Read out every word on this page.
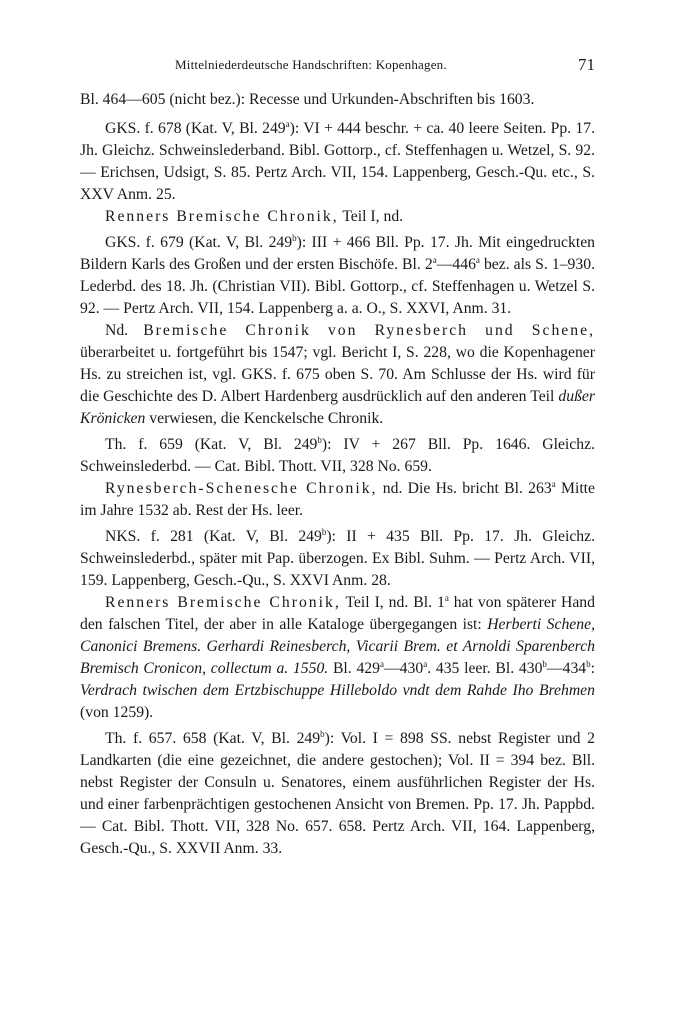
Mittelniederdeutsche Handschriften: Kopenhagen.	71

Bl. 464—605 (nicht bez.): Recesse und Urkunden-Abschriften bis 1603.

GKS. f. 678 (Kat. V, Bl. 249$^a$): VI + 444 beschr. + ca. 40 leere Seiten. Pp. 17. Jh. Gleichz. Schweinslederband. Bibl. Gottorp., cf. Steffenhagen u. Wetzel, S. 92. — Erichsen, Udsigt, S. 85. Pertz Arch. VII, 154. Lappenberg, Gesch.-Qu. etc., S. XXV Anm. 25.

Renners Bremische Chronik, Teil I, nd.

GKS. f. 679 (Kat. V, Bl. 249$^b$): III + 466 Bll. Pp. 17. Jh. Mit eingedruckten Bildern Karls des Großen und der ersten Bischöfe. Bl. 2$^a$—446$^a$ bez. als S. 1–930. Lederbd. des 18. Jh. (Christian VII). Bibl. Gottorp., cf. Steffenhagen u. Wetzel S. 92. — Pertz Arch. VII, 154. Lappenberg a. a. O., S. XXVI, Anm. 31.

Nd. Bremische Chronik von Rynesberch und Schene, überarbeitet u. fortgeführt bis 1547; vgl. Bericht I, S. 228, wo die Kopenhagener Hs. zu streichen ist, vgl. GKS. f. 675 oben S. 70. Am Schlusse der Hs. wird für die Geschichte des D. Albert Hardenberg ausdrücklich auf den anderen Teil dußer Krönicken verwiesen, die Kenckelsche Chronik.

Th. f. 659 (Kat. V, Bl. 249$^b$): IV + 267 Bll. Pp. 1646. Gleichz. Schweinslederbd. — Cat. Bibl. Thott. VII, 328 No. 659.

Rynesberch-Schenesche Chronik, nd. Die Hs. bricht Bl. 263$^a$ Mitte im Jahre 1532 ab. Rest der Hs. leer.

NKS. f. 281 (Kat. V, Bl. 249$^b$): II + 435 Bll. Pp. 17. Jh. Gleichz. Schweinslederbd., später mit Pap. überzogen. Ex Bibl. Suhm. — Pertz Arch. VII, 159. Lappenberg, Gesch.-Qu., S. XXVI Anm. 28.

Renners Bremische Chronik, Teil I, nd. Bl. 1$^a$ hat von späterer Hand den falschen Titel, der aber in alle Kataloge übergegangen ist: Herberti Schene, Canonici Bremens. Gerhardi Reinesberch, Vicarii Brem. et Arnoldi Sparenberch Bremisch Cronicon, collectum a. 1550. Bl. 429$^a$—430$^a$. 435 leer. Bl. 430$^b$—434$^b$: Verdrach twischen dem Ertzbischuppe Hilleboldo vndt dem Rahde Iho Brehmen (von 1259).

Th. f. 657. 658 (Kat. V, Bl. 249$^b$): Vol. I = 898 SS. nebst Register und 2 Landkarten (die eine gezeichnet, die andere gestochen); Vol. II = 394 bez. Bll. nebst Register der Consuln u. Senatores, einem ausführlichen Register der Hs. und einer farbenprächtigen gestochenen Ansicht von Bremen. Pp. 17. Jh. Pappbd. — Cat. Bibl. Thott. VII, 328 No. 657. 658. Pertz Arch. VII, 164. Lappenberg, Gesch.-Qu., S. XXVII Anm. 33.
